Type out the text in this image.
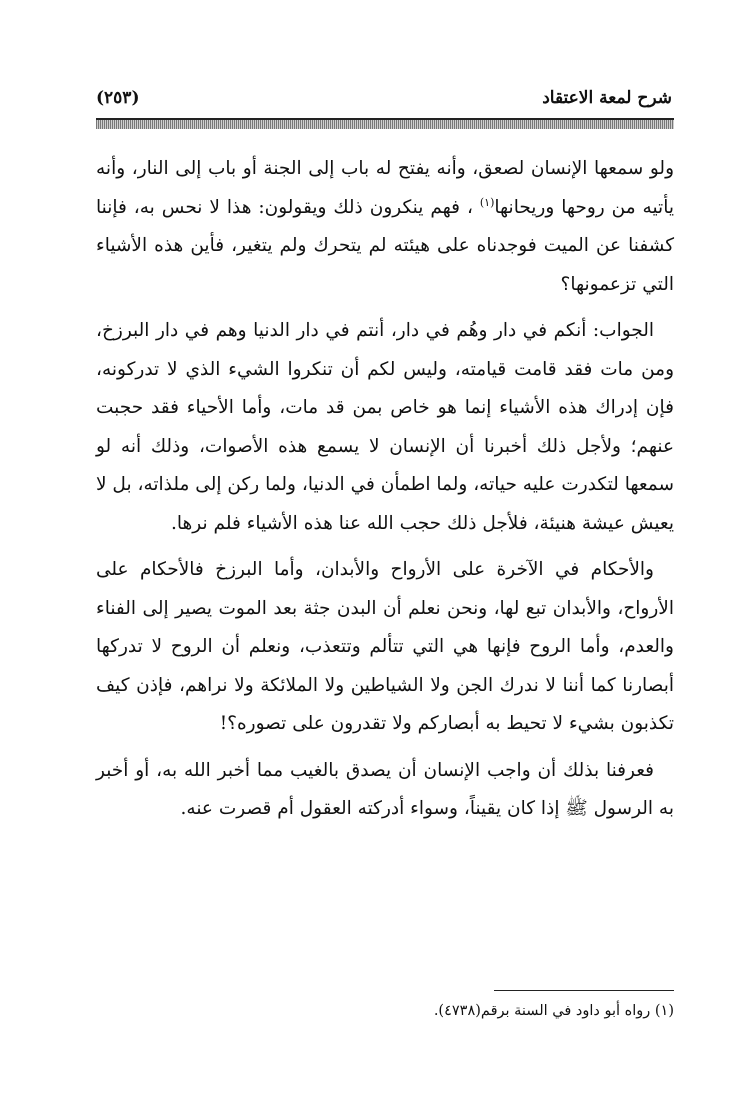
شرح لمعة الاعتقاد
(٢٥٣)

ولو سمعها الإنسان لصعق، وأنه يفتح له باب إلى الجنة أو باب إلى النار، وأنه يأتيه من روحها وريحانها$^{(١)}$ ، فهم ينكرون ذلك ويقولون: هذا لا نحس به، فإننا كشفنا عن الميت فوجدناه على هيئته لم يتحرك ولم يتغير، فأين هذه الأشياء التي تزعمونها؟

الجواب: أنكم في دار وهُم في دار، أنتم في دار الدنيا وهم في دار البرزخ، ومن مات فقد قامت قيامته، وليس لكم أن تنكروا الشيء الذي لا تدركونه، فإن إدراك هذه الأشياء إنما هو خاص بمن قد مات، وأما الأحياء فقد حجبت عنهم؛ ولأجل ذلك أخبرنا أن الإنسان لا يسمع هذه الأصوات، وذلك أنه لو سمعها لتكدرت عليه حياته، ولما اطمأن في الدنيا، ولما ركن إلى ملذاته، بل لا يعيش عيشة هنيئة، فلأجل ذلك حجب الله عنا هذه الأشياء فلم نرها.

والأحكام في الآخرة على الأرواح والأبدان، وأما البرزخ فالأحكام على الأرواح، والأبدان تبع لها، ونحن نعلم أن البدن جثة بعد الموت يصير إلى الفناء والعدم، وأما الروح فإنها هي التي تتألم وتتعذب، ونعلم أن الروح لا تدركها أبصارنا كما أننا لا ندرك الجن ولا الشياطين ولا الملائكة ولا نراهم، فإذن كيف تكذبون بشيء لا تحيط به أبصاركم ولا تقدرون على تصوره؟!

فعرفنا بذلك أن واجب الإنسان أن يصدق بالغيب مما أخبر الله به، أو أخبر به الرسول ﷺ إذا كان يقيناً، وسواء أدركته العقول أم قصرت عنه.

(١) رواه أبو داود في السنة برقم(٤٧٣٨).
